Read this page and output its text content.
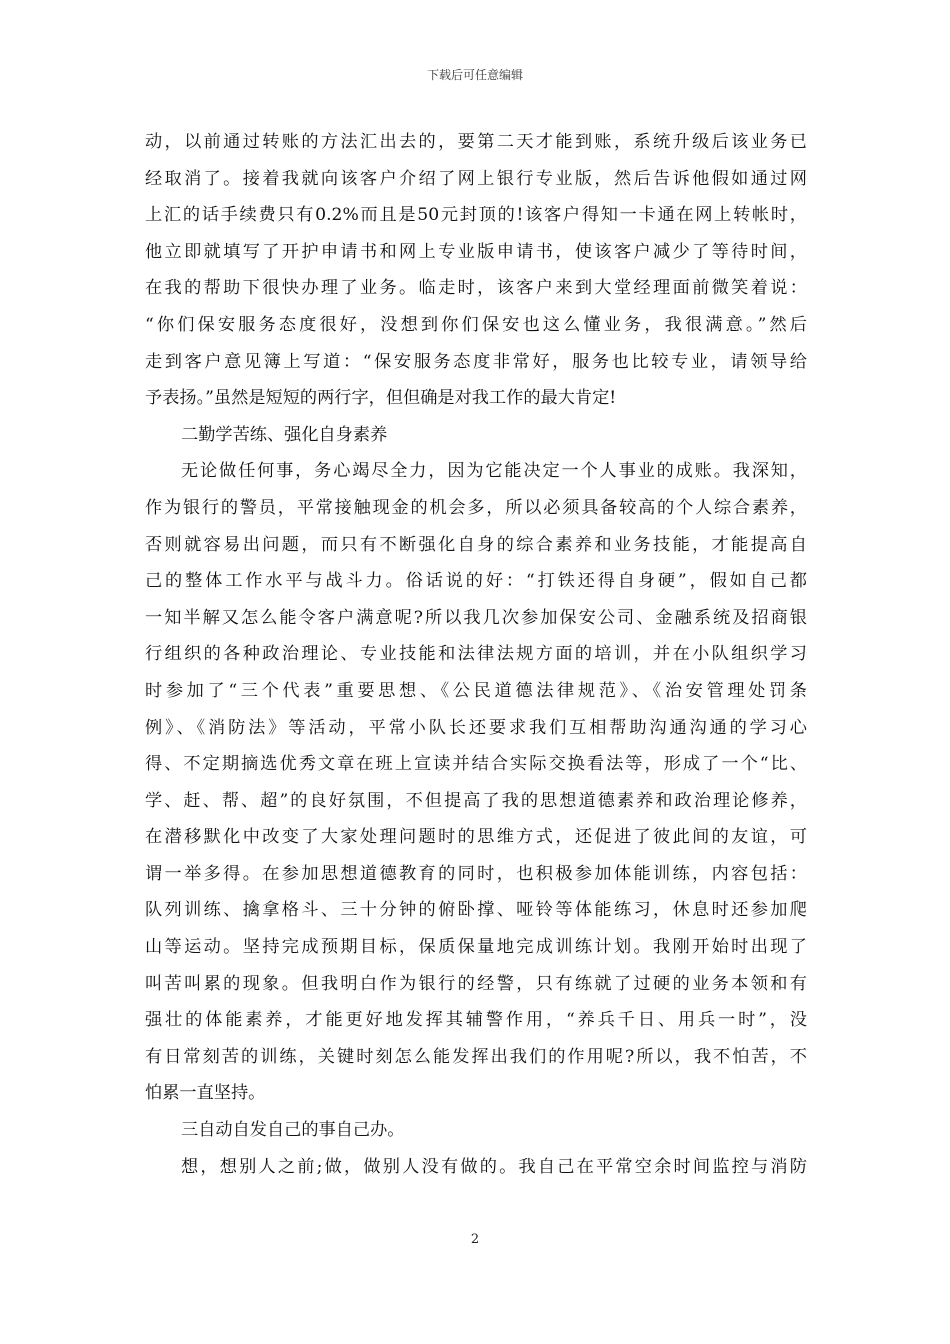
下载后可任意编辑
动，以前通过转账的方法汇出去的，要第二天才能到账，系统升级后该业务已
经取消了。接着我就向该客户介绍了网上银行专业版，然后告诉他假如通过网
上汇的话手续费只有0.2%而且是50元封顶的!该客户得知一卡通在网上转帐时，
他立即就填写了开护申请书和网上专业版申请书，使该客户减少了等待时间，
在我的帮助下很快办理了业务。临走时，该客户来到大堂经理面前微笑着说：
“你们保安服务态度很好，没想到你们保安也这么懂业务，我很满意。”然后
走到客户意见簿上写道：“保安服务态度非常好，服务也比较专业，请领导给
予表扬。”虽然是短短的两行字，但但确是对我工作的最大肯定!
二勤学苦练、强化自身素养
无论做任何事，务心竭尽全力，因为它能决定一个人事业的成账。我深知，
作为银行的警员，平常接触现金的机会多，所以必须具备较高的个人综合素养，
否则就容易出问题，而只有不断强化自身的综合素养和业务技能，才能提高自
己的整体工作水平与战斗力。俗话说的好：“打铁还得自身硬”，假如自己都
一知半解又怎么能令客户满意呢?所以我几次参加保安公司、金融系统及招商银
行组织的各种政治理论、专业技能和法律法规方面的培训，并在小队组织学习
时参加了“三个代表”重要思想、《公民道德法律规范》、《治安管理处罚条
例》、《消防法》等活动，平常小队长还要求我们互相帮助沟通沟通的学习心
得、不定期摘选优秀文章在班上宣读并结合实际交换看法等，形成了一个“比、
学、赶、帮、超”的良好氛围，不但提高了我的思想道德素养和政治理论修养，
在潜移默化中改变了大家处理问题时的思维方式，还促进了彼此间的友谊，可
谓一举多得。在参加思想道德教育的同时，也积极参加体能训练，内容包括：
队列训练、擒拿格斗、三十分钟的俯卧撑、哑铃等体能练习，休息时还参加爬
山等运动。坚持完成预期目标，保质保量地完成训练计划。我刚开始时出现了
叫苦叫累的现象。但我明白作为银行的经警，只有练就了过硬的业务本领和有
强壮的体能素养，才能更好地发挥其辅警作用，“养兵千日、用兵一时”，没
有日常刻苦的训练，关键时刻怎么能发挥出我们的作用呢?所以，我不怕苦，不
怕累一直坚持。
三自动自发自己的事自己办。
想，想别人之前;做，做别人没有做的。我自己在平常空余时间监控与消防
2
